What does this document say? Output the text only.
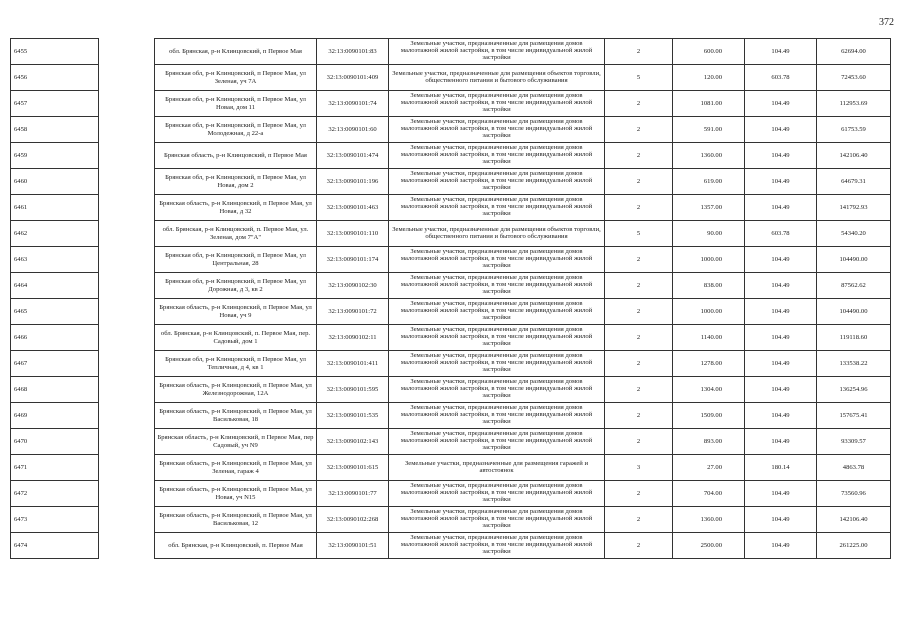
372
6455		обл. Брянская, р-н Клинцовский, п Первое Мая	32:13:0090101:83	Земельные участки, предназначенные для размещения домов малоэтажной жилой застройки, в том числе индивидуальной жилой застройки	2	600.00	104.49	62694.00
6456		Брянская обл, р-н Клинцовский, п Первое Мая, ул Зеленая, уч 7А	32:13:0090101:409	Земельные участки, предназначенные для размещения объектов торговли, общественного питания и бытового обслуживания	5	120.00	603.78	72453.60
6457		Брянская обл, р-н Клинцовский, п Первое Мая, ул Новая, дом 11	32:13:0090101:74	Земельные участки, предназначенные для размещения домов малоэтажной жилой застройки, в том числе индивидуальной жилой застройки	2	1081.00	104.49	112953.69
6458		Брянская обл, р-н Клинцовский, п Первое Мая, ул Молодежная, д 22-а	32:13:0090101:60	Земельные участки, предназначенные для размещения домов малоэтажной жилой застройки, в том числе индивидуальной жилой застройки	2	591.00	104.49	61753.59
6459		Брянская область, р-н Клинцовский, п Первое Мая	32:13:0090101:474	Земельные участки, предназначенные для размещения домов малоэтажной жилой застройки, в том числе индивидуальной жилой застройки	2	1360.00	104.49	142106.40
6460		Брянская обл, р-н Клинцовский, п Первое Мая, ул Новая, дом 2	32:13:0090101:196	Земельные участки, предназначенные для размещения домов малоэтажной жилой застройки, в том числе индивидуальной жилой застройки	2	619.00	104.49	64679.31
6461		Брянская область, р-н Клинцовский, п Первое Мая, ул Новая, д 32	32:13:0090101:463	Земельные участки, предназначенные для размещения домов малоэтажной жилой застройки, в том числе индивидуальной жилой застройки	2	1357.00	104.49	141792.93
6462		обл. Брянская, р-н Клинцовский, п. Первое Мая, ул. Зеленая, дом 7"А"	32:13:0090101:110	Земельные участки, предназначенные для размещения объектов торговли, общественного питания и бытового обслуживания	5	90.00	603.78	54340.20
6463		Брянская обл, р-н Клинцовский, п Первое Мая, ул Центральная, 28	32:13:0090101:174	Земельные участки, предназначенные для размещения домов малоэтажной жилой застройки, в том числе индивидуальной жилой застройки	2	1000.00	104.49	104490.00
6464		Брянская обл, р-н Клинцовский, п Первое Мая, ул Дорожная, д 3, кв 2	32:13:0090102:30	Земельные участки, предназначенные для размещения домов малоэтажной жилой застройки, в том числе индивидуальной жилой застройки	2	838.00	104.49	87562.62
6465		Брянская область, р-н Клинцовский, п Первое Мая, ул Новая, уч 9	32:13:0090101:72	Земельные участки, предназначенные для размещения домов малоэтажной жилой застройки, в том числе индивидуальной жилой застройки	2	1000.00	104.49	104490.00
6466		обл. Брянская, р-н Клинцовский, п. Первое Мая, пер. Садовый, дом 1	32:13:0090102:11	Земельные участки, предназначенные для размещения домов малоэтажной жилой застройки, в том числе индивидуальной жилой застройки	2	1140.00	104.49	119118.60
6467		Брянская обл, р-н Клинцовский, п Первое Мая, ул Тепличная, д 4, кв 1	32:13:0090101:411	Земельные участки, предназначенные для размещения домов малоэтажной жилой застройки, в том числе индивидуальной жилой застройки	2	1278.00	104.49	133538.22
6468		Брянская область, р-н Клинцовский, п Первое Мая, ул Железнодорожная, 12А	32:13:0090101:595	Земельные участки, предназначенные для размещения домов малоэтажной жилой застройки, в том числе индивидуальной жилой застройки	2	1304.00	104.49	136254.96
6469		Брянская область, р-н Клинцовский, п Первое Мая, ул Васильковая, 18	32:13:0090101:535	Земельные участки, предназначенные для размещения домов малоэтажной жилой застройки, в том числе индивидуальной жилой застройки	2	1509.00	104.49	157675.41
6470		Брянская область, р-н Клинцовский, п Первое Мая, пер Садовый, уч N9	32:13:0090102:143	Земельные участки, предназначенные для размещения домов малоэтажной жилой застройки, в том числе индивидуальной жилой застройки	2	893.00	104.49	93309.57
6471		Брянская область, р-н Клинцовский, п Первое Мая, ул Зеленая, гараж 4	32:13:0090101:615	Земельные участки, предназначенные для размещения гаражей и автостоянок	3	27.00	180.14	4863.78
6472		Брянская область, р-н Клинцовский, п Первое Мая, ул Новая, уч N15	32:13:0090101:77	Земельные участки, предназначенные для размещения домов малоэтажной жилой застройки, в том числе индивидуальной жилой застройки	2	704.00	104.49	73560.96
6473		Брянская область, р-н Клинцовский, п Первое Мая, ул Васильковая, 12	32:13:0090102:268	Земельные участки, предназначенные для размещения домов малоэтажной жилой застройки, в том числе индивидуальной жилой застройки	2	1360.00	104.49	142106.40
6474		обл. Брянская, р-н Клинцовский, п. Первое Мая	32:13:0090101:51	Земельные участки, предназначенные для размещения домов малоэтажной жилой застройки, в том числе индивидуальной жилой застройки	2	2500.00	104.49	261225.00
